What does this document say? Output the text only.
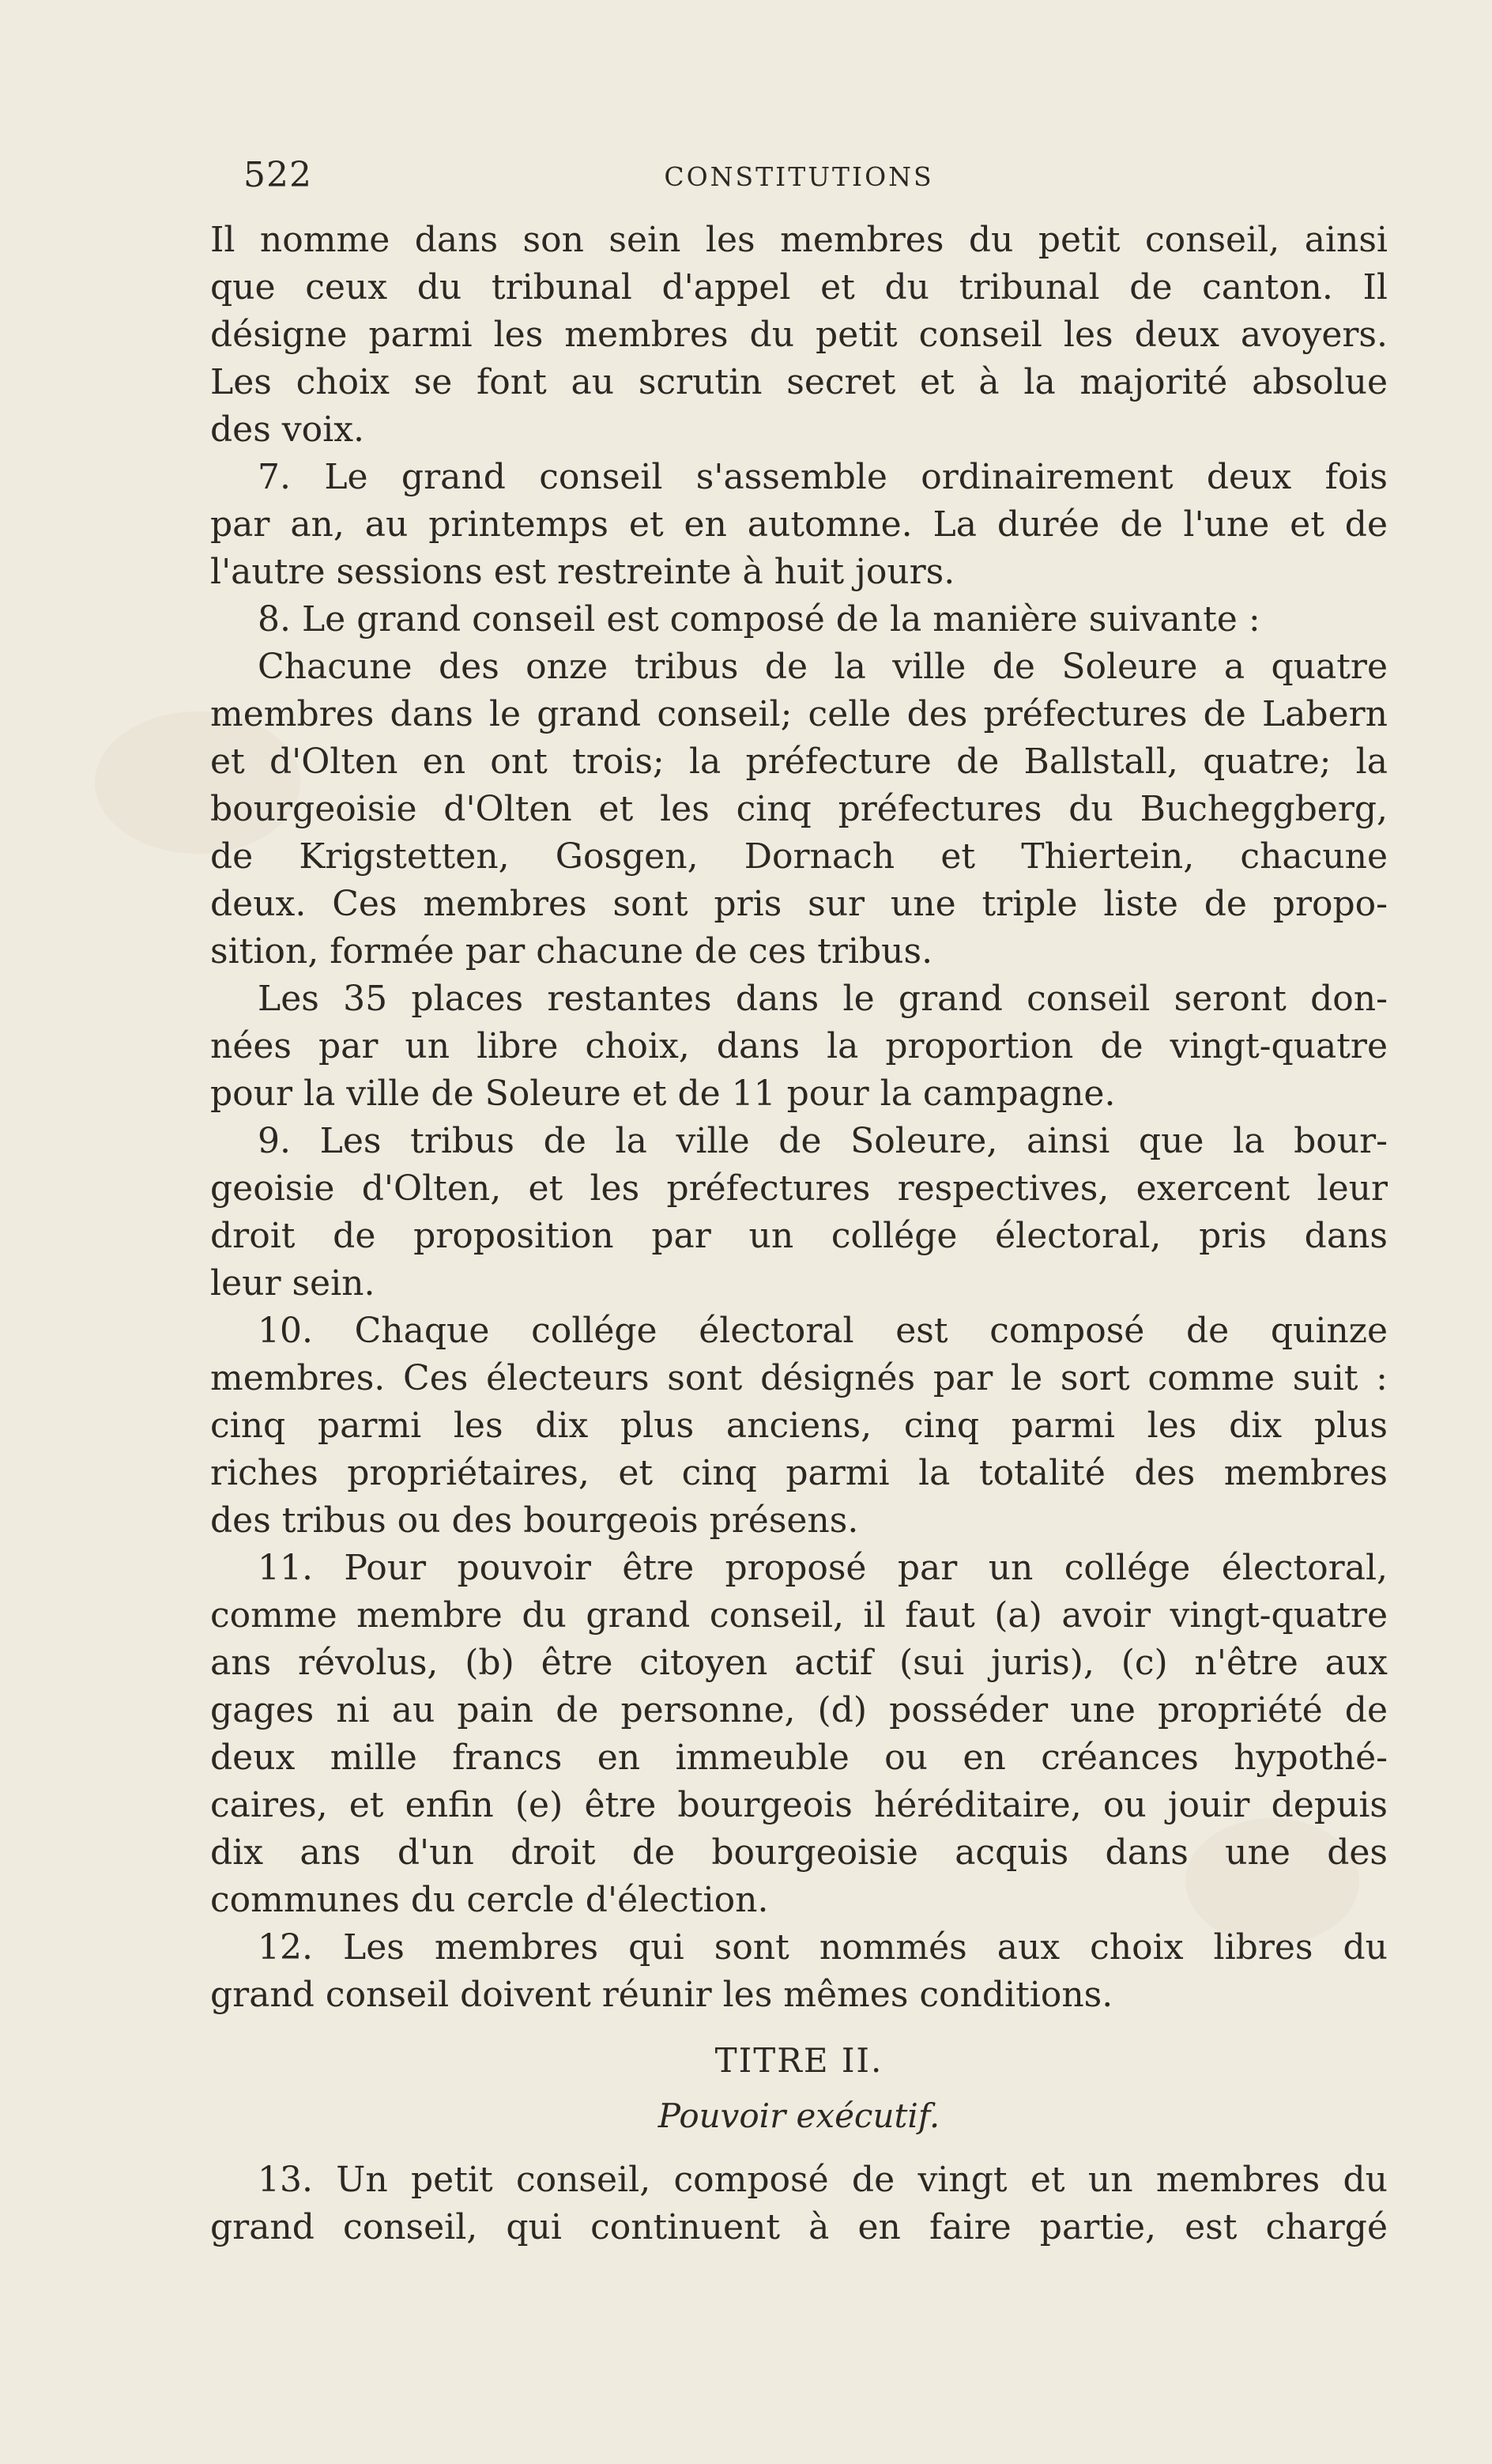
522	CONSTITUTIONS
Il nomme dans son sein les membres du petit conseil, ainsi
que ceux du tribunal d'appel et du tribunal de canton. Il
désigne parmi les membres du petit conseil les deux avoyers.
Les choix se font au scrutin secret et à la majorité absolue
des voix.
7. Le grand conseil s'assemble ordinairement deux fois
par an, au printemps et en automne. La durée de l'une et de
l'autre sessions est restreinte à huit jours.
8. Le grand conseil est composé de la manière suivante :
Chacune des onze tribus de la ville de Soleure a quatre
membres dans le grand conseil; celle des préfectures de Labern
et d'Olten en ont trois; la préfecture de Ballstall, quatre; la
bourgeoisie d'Olten et les cinq préfectures du Bucheggberg,
de Krigstetten, Gosgen, Dornach et Thiertein, chacune
deux. Ces membres sont pris sur une triple liste de propo-
sition, formée par chacune de ces tribus.
Les 35 places restantes dans le grand conseil seront don-
nées par un libre choix, dans la proportion de vingt-quatre
pour la ville de Soleure et de 11 pour la campagne.
9. Les tribus de la ville de Soleure, ainsi que la bour-
geoisie d'Olten, et les préfectures respectives, exercent leur
droit de proposition par un collége électoral, pris dans
leur sein.
10. Chaque collége électoral est composé de quinze
membres. Ces électeurs sont désignés par le sort comme suit :
cinq parmi les dix plus anciens, cinq parmi les dix plus
riches propriétaires, et cinq parmi la totalité des membres
des tribus ou des bourgeois présens.
11. Pour pouvoir être proposé par un collége électoral,
comme membre du grand conseil, il faut (a) avoir vingt-quatre
ans révolus, (b) être citoyen actif (sui juris), (c) n'être aux
gages ni au pain de personne, (d) posséder une propriété de
deux mille francs en immeuble ou en créances hypothé-
caires, et enfin (e) être bourgeois héréditaire, ou jouir depuis
dix ans d'un droit de bourgeoisie acquis dans une des
communes du cercle d'élection.
12. Les membres qui sont nommés aux choix libres du
grand conseil doivent réunir les mêmes conditions.
TITRE II.
Pouvoir exécutif.
13. Un petit conseil, composé de vingt et un membres du
grand conseil, qui continuent à en faire partie, est chargé
